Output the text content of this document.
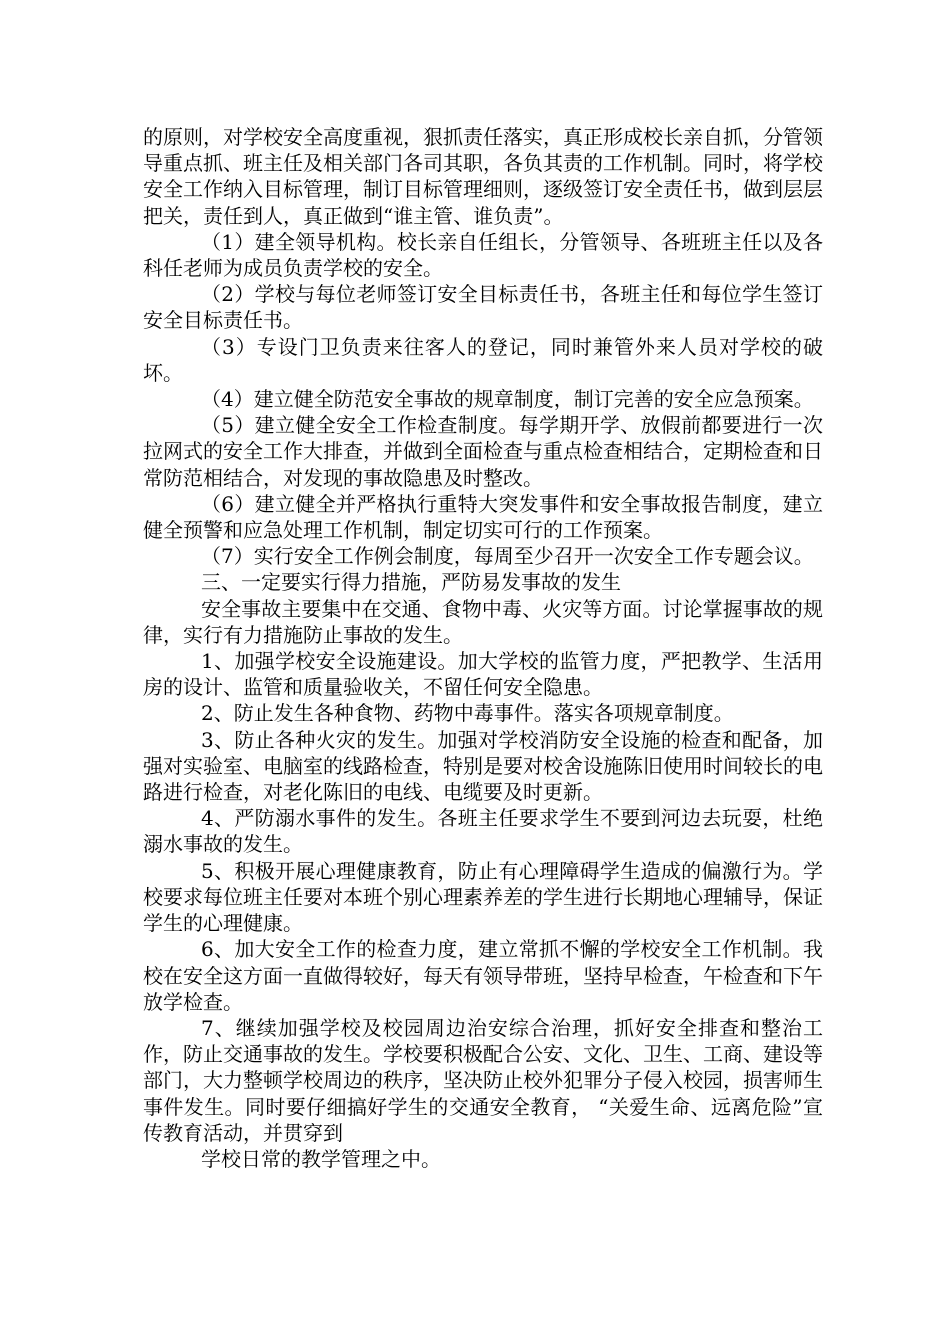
的原则，对学校安全高度重视，狠抓责任落实，真正形成校长亲自抓，分管领导重点抓、班主任及相关部门各司其职，各负其责的工作机制。同时，将学校安全工作纳入目标管理，制订目标管理细则，逐级签订安全责任书，做到层层把关，责任到人，真正做到“谁主管、谁负责”。

（1）建全领导机构。校长亲自任组长，分管领导、各班班主任以及各科任老师为成员负责学校的安全。

（2）学校与每位老师签订安全目标责任书，各班主任和每位学生签订安全目标责任书。

（3）专设门卫负责来往客人的登记，同时兼管外来人员对学校的破坏。

（4）建立健全防范安全事故的规章制度，制订完善的安全应急预案。

（5）建立健全安全工作检查制度。每学期开学、放假前都要进行一次拉网式的安全工作大排查，并做到全面检查与重点检查相结合，定期检查和日常防范相结合，对发现的事故隐患及时整改。

（6）建立健全并严格执行重特大突发事件和安全事故报告制度，建立健全预警和应急处理工作机制，制定切实可行的工作预案。

（7）实行安全工作例会制度，每周至少召开一次安全工作专题会议。

三、一定要实行得力措施，严防易发事故的发生

安全事故主要集中在交通、食物中毒、火灾等方面。讨论掌握事故的规律，实行有力措施防止事故的发生。

1、加强学校安全设施建设。加大学校的监管力度，严把教学、生活用房的设计、监管和质量验收关，不留任何安全隐患。

2、防止发生各种食物、药物中毒事件。落实各项规章制度。

3、防止各种火灾的发生。加强对学校消防安全设施的检查和配备，加强对实验室、电脑室的线路检查，特别是要对校舍设施陈旧使用时间较长的电路进行检查，对老化陈旧的电线、电缆要及时更新。

4、严防溺水事件的发生。各班主任要求学生不要到河边去玩耍，杜绝溺水事故的发生。

5、积极开展心理健康教育，防止有心理障碍学生造成的偏激行为。学校要求每位班主任要对本班个别心理素养差的学生进行长期地心理辅导，保证学生的心理健康。

6、加大安全工作的检查力度，建立常抓不懈的学校安全工作机制。我校在安全这方面一直做得较好，每天有领导带班，坚持早检查，午检查和下午放学检查。

7、继续加强学校及校园周边治安综合治理，抓好安全排查和整治工作，防止交通事故的发生。学校要积极配合公安、文化、卫生、工商、建设等部门，大力整顿学校周边的秩序，坚决防止校外犯罪分子侵入校园，损害师生事件发生。同时要仔细搞好学生的交通安全教育， “关爱生命、远离危险”宣传教育活动，并贯穿到

学校日常的教学管理之中。
